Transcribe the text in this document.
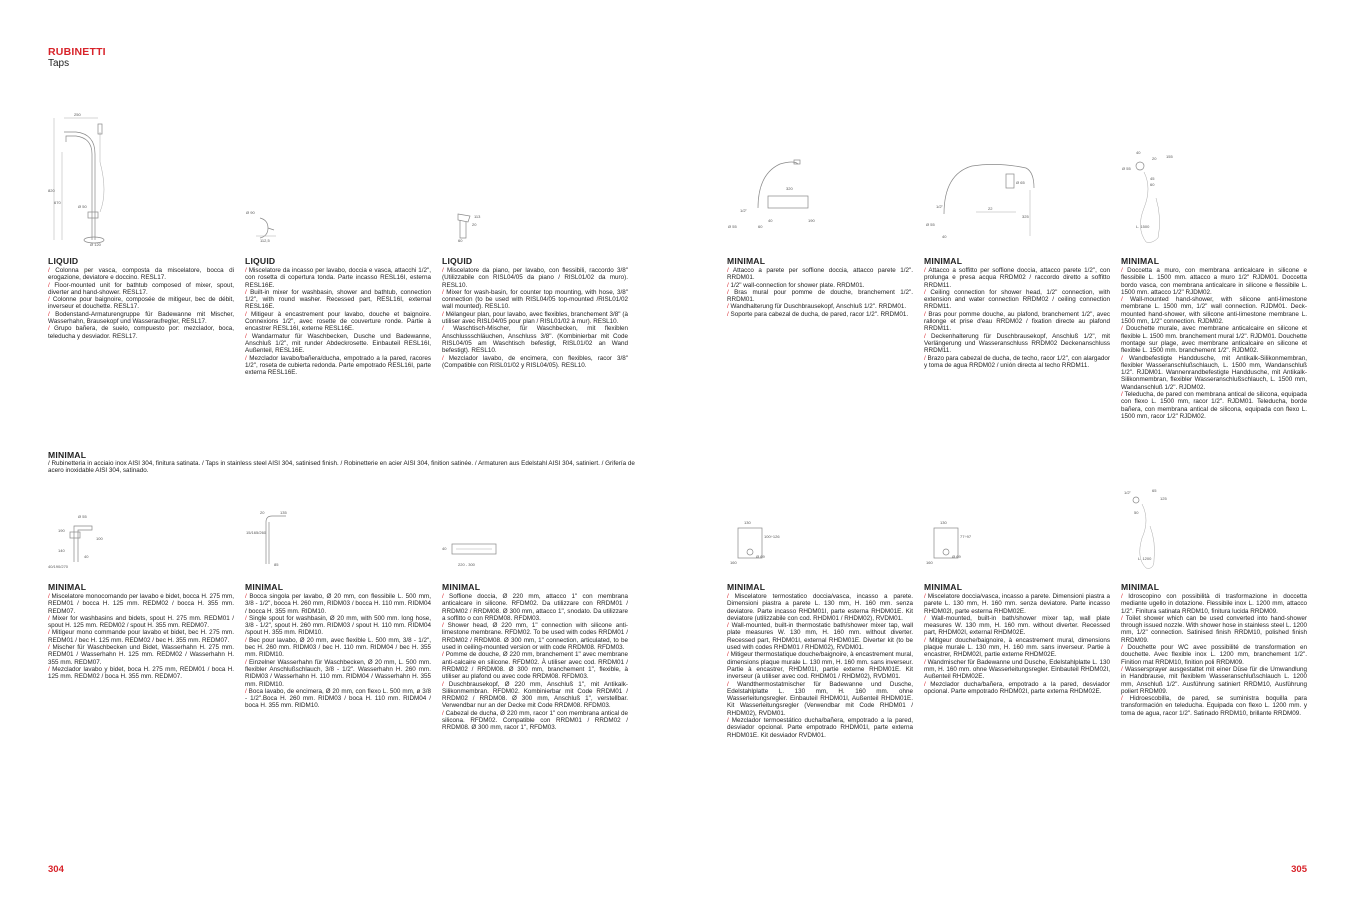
RUBINETTI
Taps
250
820
670
Ø 50
Ø 120
Ø 90
112,5
113
20
60
320
1/2"
40	190
Ø 55	60
Ø 65
1/2"	22
325
Ø 55
40
40
20 155
Ø 55
45
60
L. 1500
LIQUID
/ Colonna per vasca, composta da miscelatore, bocca di erogazione, deviatore e doccino. RESL17.
/ Floor-mounted unit for bathtub composed of mixer, spout, diverter and hand-shower. RESL17.
/ Colonne pour baignoire, composée de mitigeur, bec de débit, inverseur et douchette. RESL17.
/ Bodenstand-Armaturengruppe für Badewanne mit Mischer, Wasserhahn, Brausekopf und Wasseraufregler, RESL17.
/ Grupo bañera, de suelo, compuesto por: mezclador, boca, teleducha y desviador. RESL17.
LIQUID
/ Miscelatore da incasso per lavabo, doccia e vasca, attacchi 1/2", con rosetta di copertura tonda. Parte incasso RESL16I, esterna RESL16E.
/ Built-in mixer for washbasin, shower and bathtub, connection 1/2", with round washer. Recessed part, RESL16I, external RESL16E.
/ Mitigeur à encastrement pour lavabo, douche et baignoire. Connexions 1/2", avec rosette de couverture ronde. Partie à encastrer RESL16I, externe RESL16E.
/ Wandarmatur für Waschbecken, Dusche und Badewanne, Anschluß 1/2", mit runder Abdeckrosette. Einbauteil RESL16I, Außenteil, RESL16E.
/ Mezclador lavabo/bañera/ducha, empotrado a la pared, racores 1/2", roseta de cubierta redonda. Parte empotrado RESL16I, parte externa RESL16E.
LIQUID
/ Miscelatore da piano, per lavabo, con flessibili, raccordo 3/8" (Utilizzabile con RISL04/05 da piano / RISL01/02 da muro). RESL10.
/ Mixer for wash-basin, for counter top mounting, with hose, 3/8" connection (to be used with RISL04/05 top-mounted /RISL01/02 wall mounted). RESL10.
/ Mélangeur plan, pour lavabo, avec flexibles, branchement 3/8" (à utiliser avec RISL04/05 pour plan / RISL01/02 à mur). RESL10.
/ Waschtisch-Mischer, für Waschbecken, mit flexiblen Anschlussschläuchen, Anschluss 3/8". (Kombinierbar mit Code RISL04/05 am Waschtisch befestigt, RISL01/02 an Wand befestigt). RESL10.
/ Mezclador lavabo, de encimera, con flexibles, racor 3/8" (Compatible con RISL01/02 y RISL04/05). RESL10.
MINIMAL
/ Attacco a parete per soffione doccia, attacco parete 1/2". RRDM01.
/ 1/2" wall-connection for shower plate. RRDM01.
/ Bras mural pour pomme de douche, branchement 1/2". RRDM01.
/ Wandhalterung für Duschbrausekopf, Anschluß 1/2". RRDM01.
/ Soporte para cabezal de ducha, de pared, racor 1/2". RRDM01.
MINIMAL
/ Attacco a soffitto per soffione doccia, attacco parete 1/2", con prolunga e presa acqua RRDM02 / raccordo diretto a soffitto RRDM11.
/ Ceiling connection for shower head, 1/2" connection, with extension and water connection RRDM02 / ceiling connection RRDM11.
/ Bras pour pomme douche, au plafond, branchement 1/2", avec rallonge et prise d'eau RRDM02 / fixation directe au plafond RRDM11.
/ Deckenhalterung für Duschbrausekopf, Anschluß 1/2", mit Verlängerung und Wasseranschluss RRDM02 Deckenanschluss RRDM11.
/ Brazo para cabezal de ducha, de techo, racor 1/2", con alargador y toma de agua RRDM02 / unión directa al techo RRDM11.
MINIMAL
/ Doccetta a muro, con membrana anticalcare in silicone e flessibile L. 1500 mm. attacco a muro 1/2" RJDM01. Doccetta bordo vasca, con membrana anticalcare in silicone e flessibile L. 1500 mm. attacco 1/2" RJDM02.
/ Wall-mounted hand-shower, with silicone anti-limestone membrane L. 1500 mm, 1/2" wall connection. RJDM01. Deck-mounted hand-shower, with silicone anti-limestone membrane L. 1500 mm, 1/2" connection. RJDM02.
/ Douchette murale, avec membrane anticalcaire en silicone et flexible L. 1500 mm. branchement mural 1/2". RJDM01. Douchette montage sur plage, avec membrane anticalcaire en silicone et flexible L. 1500 mm. branchement 1/2". RJDM02.
/ Wandbefestigte Handdusche, mit Antikalk-Silikonmembran, flexibler Wasseranschlußschlauch, L. 1500 mm, Wandanschluß 1/2". RJDM01. Wannenrandbefestigte Handdusche, mit Antikalk-Silikonmembran, flexibler Wasseranschlußschlauch, L. 1500 mm, Wandanschluß 1/2". RJDM02.
/ Teleducha, de pared con membrana antical de silicona, equipada con flexo L. 1500 mm, racor 1/2". RJDM01. Teleducha, borde bañera, con membrana antical de silicona, equipada con flexo L. 1500 mm, racor 1/2" RJDM02.
MINIMAL
/ Rubinetteria in acciaio inox AISI 304, finitura satinata. / Taps in stainless steel AISI 304, satinised finish. / Robinetterie en acier AISI 304, finition satinée. / Armaturen aus Edelstahl AISI 304, satiniert. / Grifería de acero inoxidable AISI 304, satinado.
Ø 55
190
140
100
40
40/190/270
135
15/165/260
20
85
40
220 - 300
130
100÷126
160
Ø 69
130
77÷97
160
Ø 69
1/2"	65
125
50
L. 1200
MINIMAL
/ Miscelatore monocomando per lavabo e bidet, bocca H. 275 mm, REDM01 / bocca H. 125 mm. REDM02 / bocca H. 355 mm. REDM07.
/ Mixer for washbasins and bidets, spout H. 275 mm. REDM01 / spout H. 125 mm. REDM02 / spout H. 355 mm. REDM07.
/ Mitigeur mono commande pour lavabo et bidet, bec H. 275 mm. REDM01 / bec H. 125 mm. REDM02 / bec H. 355 mm. REDM07.
/ Mischer für Waschbecken und Bidet, Wasserhahn H. 275 mm. REDM01 / Wasserhahn H. 125 mm. REDM02 / Wasserhahn H. 355 mm. REDM07.
/ Mezclador lavabo y bidet, boca H. 275 mm, REDM01 / boca H. 125 mm. REDM02 / boca H. 355 mm. REDM07.
MINIMAL
/ Bocca singola per lavabo, Ø 20 mm, con flessibile L. 500 mm, 3/8 - 1/2", bocca H. 260 mm, RIDM03 / bocca H. 110 mm. RIDM04 / bocca H. 355 mm. RIDM10.
/ Single spout for washbasin, Ø 20 mm, with 500 mm. long hose, 3/8 - 1/2", spout H. 260 mm. RIDM03 / spout H. 110 mm. RIDM04 /spout H. 355 mm. RIDM10.
/ Bec pour lavabo, Ø 20 mm, avec flexible L. 500 mm, 3/8 - 1/2", bec H. 260 mm. RIDM03 / bec H. 110 mm. RIDM04 / bec H. 355 mm. RIDM10.
/ Einzelner Wasserhahn für Waschbecken, Ø 20 mm, L. 500 mm. flexibler Anschlußschlauch, 3/8 - 1/2". Wasserhahn H. 260 mm. RIDM03 / Wasserhahn H. 110 mm. RIDM04 / Wasserhahn H. 355 mm. RIDM10.
/ Boca lavabo, de encimera, Ø 20 mm, con flexo L. 500 mm, ø 3/8 - 1/2".Boca H. 260 mm. RIDM03 / boca H. 110 mm. RIDM04 / boca H. 355 mm. RIDM10.
MINIMAL
/ Soffione doccia, Ø 220 mm, attacco 1" con membrana anticalcare in silicone. RFDM02. Da utilizzare con RRDM01 / RRDM02 / RRDM08. Ø 300 mm, attacco 1", snodato. Da utilizzare a soffitto o con RRDM08. RFDM03.
/ Shower head, Ø 220 mm, 1" connection with silicone anti-limestone membrane. RFDM02. To be used with codes RRDM01 / RRDM02 / RRDM08. Ø 300 mm, 1" connection, articulated, to be used in ceiling-mounted version or with code RRDM08. RFDM03.
/ Pomme de douche, Ø 220 mm, branchement 1" avec membrane anti-calcaire en silicone. RFDM02. À utiliser avec cod. RRDM01 / RRDM02 / RRDM08. Ø 300 mm, branchement 1", flexible, à utiliser au plafond ou avec code RRDM08. RFDM03.
/ Duschbrausekopf, Ø 220 mm, Anschluß 1", mit Antikalk-Silikonmembran. RFDM02. Kombinierbar mit Code RRDM01 / RRDM02 / RRDM08. Ø 300 mm, Anschluß 1", verstellbar. Verwendbar nur an der Decke mit Code RRDM08. RFDM03.
/ Cabezal de ducha, Ø 220 mm, racor 1" con membrana antical de silicona. RFDM02. Compatible con RRDM01 / RRDM02 / RRDM08. Ø 300 mm, racor 1", RFDM03.
MINIMAL
/ Miscelatore termostatico doccia/vasca, incasso a parete. Dimensioni piastra a parete L. 130 mm, H. 160 mm. senza deviatore. Parte incasso RHDM01I, parte esterna RHDM01E. Kit deviatore (utilizzabile con cod. RHDM01 / RHDM02), RVDM01.
/ Wall-mounted, built-in thermostatic bath/shower mixer tap, wall plate measures W. 130 mm, H. 160 mm. without diverter. Recessed part, RHDM01I, external RHDM01E. Diverter kit (to be used with codes RHDM01 / RHDM02), RVDM01.
/ Mitigeur thermostatique douche/baignoire, à encastrement mural, dimensions plaque murale L. 130 mm, H. 160 mm. sans inverseur. Partie à encastrer, RHDM01I, partie externe RHDM01E. Kit inverseur (à utiliser avec cod. RHDM01 / RHDM02), RVDM01.
/ Wandthermostatmischer für Badewanne und Dusche, Edelstahlplatte L. 130 mm, H. 160 mm. ohne Wasserleitungsregler. Einbauteil RHDM01I, Außenteil RHDM01E. Kit Wasserleitungsregler (Verwendbar mit Code RHDM01 / RHDM02), RVDM01.
/ Mezclador termoestático ducha/bañera, empotrado a la pared, desviador opcional. Parte empotrado RHDM01I, parte externa RHDM01E. Kit desviador RVDM01.
MINIMAL
/ Miscelatore doccia/vasca, incasso a parete. Dimensioni piastra a parete L. 130 mm, H. 160 mm. senza deviatore. Parte incasso RHDM02I, parte esterna RHDM02E.
/ Wall-mounted, built-in bath/shower mixer tap, wall plate measures W. 130 mm, H. 160 mm. without diverter. Recessed part, RHDM02I, external RHDM02E.
/ Mitigeur douche/baignoire, à encastrement mural, dimensions plaque murale L. 130 mm, H. 160 mm. sans inverseur. Partie à encastrer, RHDM02I, partie externe RHDM02E.
/ Wandmischer für Badewanne und Dusche, Edelstahlplatte L. 130 mm, H. 160 mm. ohne Wasserleitungsregler. Einbauteil RHDM02I, Außenteil RHDM02E.
/ Mezclador ducha/bañera, empotrado a la pared, desviador opcional. Parte empotrado RHDM02I, parte externa RHDM02E.
MINIMAL
/ Idroscopino con possibilità di trasformazione in doccetta mediante ugello in dotazione. Flessibile inox L. 1200 mm, attacco 1/2". Finitura satinata RRDM10, finitura lucida RRDM09.
/ Toilet shower which can be used converted into hand-shower through issued nozzle. With shower hose in stainless steel L. 1200 mm, 1/2" connection. Satinised finish RRDM10, polished finish RRDM09.
/ Douchette pour WC avec possibilité de transformation en douchette. Avec flexible inox L. 1200 mm, branchement 1/2". Finition mat RRDM10, finition poli RRDM09.
/ Wassersprayer ausgestattet mit einer Düse für die Umwandlung in Handbrause, mit flexiblem Wasseranschlußschlauch L. 1200 mm, Anschluß 1/2". Ausführung satiniert RRDM10, Ausführung poliert RRDM09.
/ Hidroescobilla, de pared, se suministra boquilla para transformación en teleducha. Equipada con flexo L. 1200 mm. y toma de agua, racor 1/2". Satinado RRDM10, brillante RRDM09.
304	305
